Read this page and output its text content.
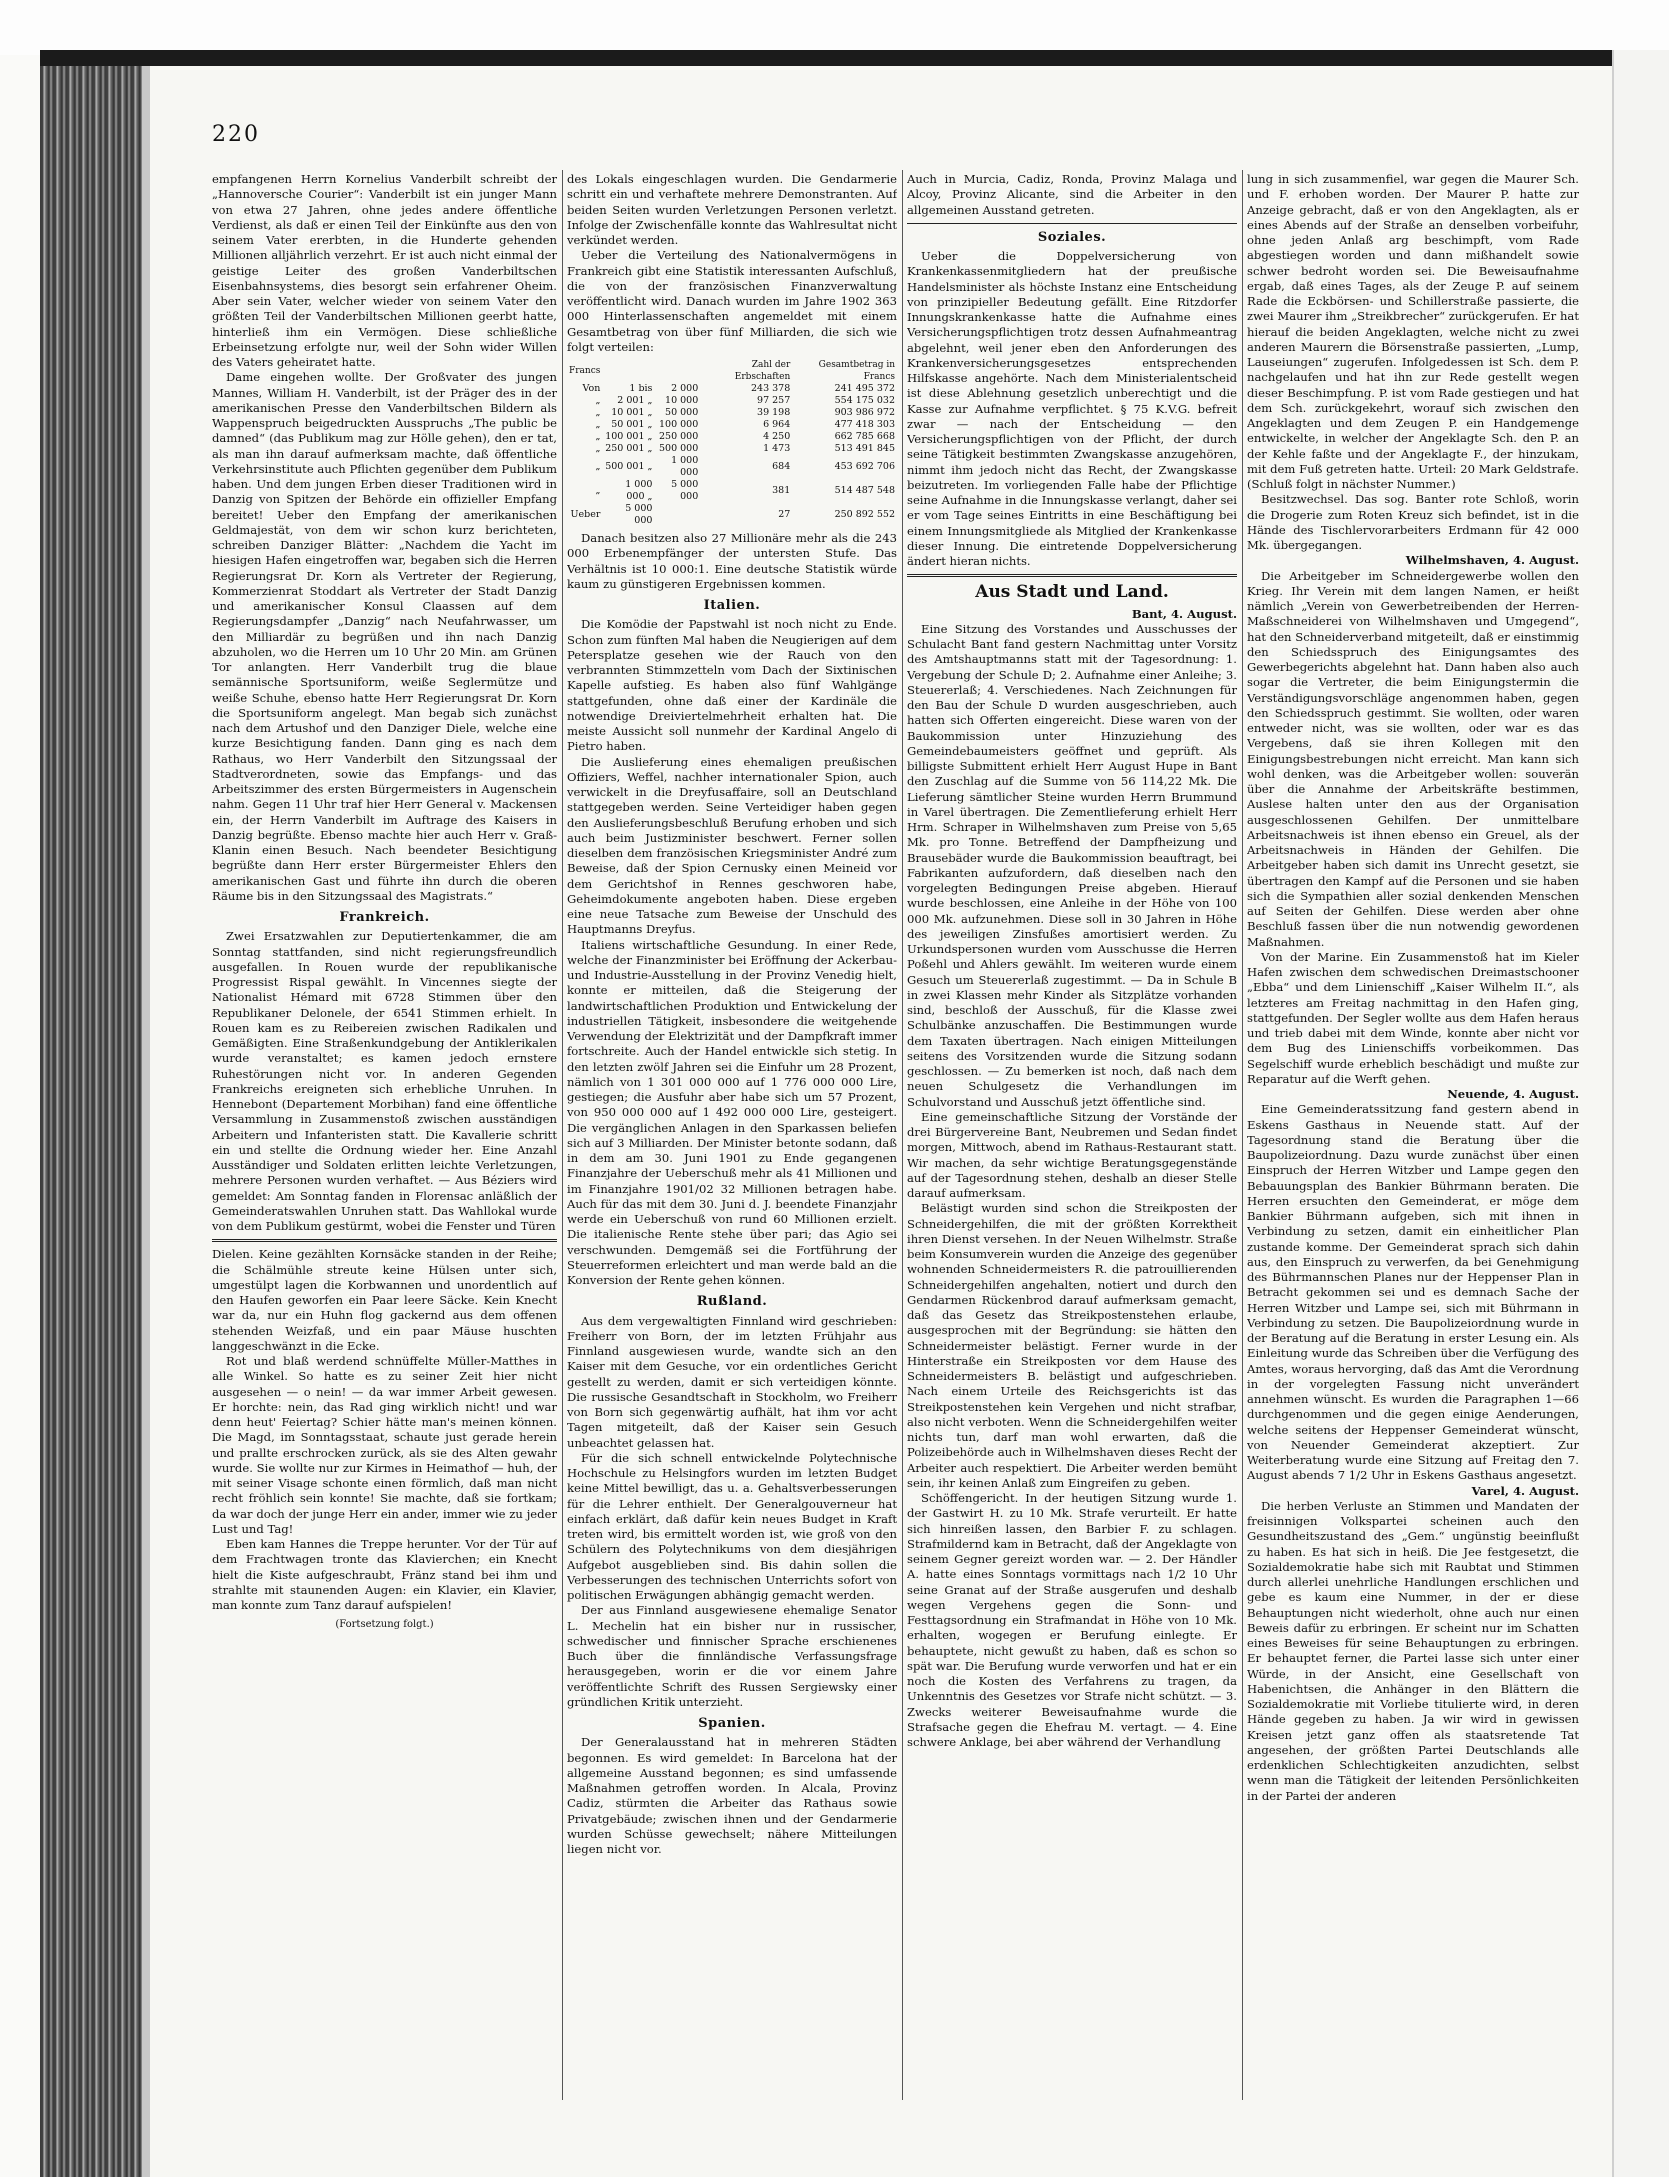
220

empfangenen Herrn Kornelius Vanderbilt schreibt der „Hannoversche Courier“: Vanderbilt ist ein junger Mann von etwa 27 Jahren, ohne jedes andere öffentliche Verdienst, als daß er einen Teil der Einkünfte aus den von seinem Vater ererbten, in die Hunderte gehenden Millionen alljährlich verzehrt. Er ist auch nicht einmal der geistige Leiter des großen Vanderbiltschen Eisenbahnsystems, dies besorgt sein erfahrener Oheim. Aber sein Vater, welcher wieder von seinem Vater den größten Teil der Vanderbiltschen Millionen geerbt hatte, hinterließ ihm ein Vermögen. Diese schließliche Erbeinsetzung erfolgte nur, weil der Sohn wider Willen des Vaters geheiratet hatte.

Dame eingehen wollte. Der Großvater des jungen Mannes, William H. Vanderbilt, ist der Präger des in der amerikanischen Presse den Vanderbiltschen Bildern als Wappenspruch beigedruckten Ausspruchs „The public be damned“ (das Publikum mag zur Hölle gehen), den er tat, als man ihn darauf aufmerksam machte, daß öffentliche Verkehrsinstitute auch Pflichten gegenüber dem Publikum haben. Und dem jungen Erben dieser Traditionen wird in Danzig von Spitzen der Behörde ein offizieller Empfang bereitet! Ueber den Empfang der amerikanischen Geldmajestät, von dem wir schon kurz berichteten, schreiben Danziger Blätter: „Nachdem die Yacht im hiesigen Hafen eingetroffen war, begaben sich die Herren Regierungsrat Dr. Korn als Vertreter der Regierung, Kommerzienrat Stoddart als Vertreter der Stadt Danzig und amerikanischer Konsul Claassen auf dem Regierungsdampfer „Danzig“ nach Neufahrwasser, um den Milliardär zu begrüßen und ihn nach Danzig abzuholen, wo die Herren um 10 Uhr 20 Min. am Grünen Tor anlangten. Herr Vanderbilt trug die blaue semännische Sportsuniform, weiße Seglermütze und weiße Schuhe, ebenso hatte Herr Regierungsrat Dr. Korn die Sportsuniform angelegt. Man begab sich zunächst nach dem Artushof und den Danziger Diele, welche eine kurze Besichtigung fanden. Dann ging es nach dem Rathaus, wo Herr Vanderbilt den Sitzungssaal der Stadtverordneten, sowie das Empfangs- und das Arbeitszimmer des ersten Bürgermeisters in Augenschein nahm. Gegen 11 Uhr traf hier Herr General v. Mackensen ein, der Herrn Vanderbilt im Auftrage des Kaisers in Danzig begrüßte. Ebenso machte hier auch Herr v. Graß-Klanin einen Besuch. Nach beendeter Besichtigung begrüßte dann Herr erster Bürgermeister Ehlers den amerikanischen Gast und führte ihn durch die oberen Räume bis in den Sitzungssaal des Magistrats.“

Frankreich.

Zwei Ersatzwahlen zur Deputiertenkammer, die am Sonntag stattfanden, sind nicht regierungsfreundlich ausgefallen. In Rouen wurde der republikanische Progressist Rispal gewählt. In Vincennes siegte der Nationalist Hémard mit 6728 Stimmen über den Republikaner Delonele, der 6541 Stimmen erhielt. In Rouen kam es zu Reibereien zwischen Radikalen und Gemäßigten. Eine Straßenkundgebung der Antiklerikalen wurde veranstaltet; es kamen jedoch ernstere Ruhestörungen nicht vor. In anderen Gegenden Frankreichs ereigneten sich erhebliche Unruhen. In Hennebont (Departement Morbihan) fand eine öffentliche Versammlung in Zusammenstoß zwischen ausständigen Arbeitern und Infanteristen statt. Die Kavallerie schritt ein und stellte die Ordnung wieder her. Eine Anzahl Ausständiger und Soldaten erlitten leichte Verletzungen, mehrere Personen wurden verhaftet. — Aus Béziers wird gemeldet: Am Sonntag fanden in Florensac anläßlich der Gemeinderatswahlen Unruhen statt. Das Wahllokal wurde von dem Publikum gestürmt, wobei die Fenster und Türen

Dielen. Keine gezählten Kornsäcke standen in der Reihe; die Schälmühle streute keine Hülsen unter sich, umgestülpt lagen die Korbwannen und unordentlich auf den Haufen geworfen ein Paar leere Säcke. Kein Knecht war da, nur ein Huhn flog gackernd aus dem offenen stehenden Weizfaß, und ein paar Mäuse huschten langgeschwänzt in die Ecke.

Rot und blaß werdend schnüffelte Müller-Matthes in alle Winkel. So hatte es zu seiner Zeit hier nicht ausgesehen — o nein! — da war immer Arbeit gewesen. Er horchte: nein, das Rad ging wirklich nicht! und war denn heut' Feiertag? Schier hätte man's meinen können. Die Magd, im Sonntagsstaat, schaute just gerade herein und prallte erschrocken zurück, als sie des Alten gewahr wurde. Sie wollte nur zur Kirmes in Heimathof — huh, der mit seiner Visage schonte einen förmlich, daß man nicht recht fröhlich sein konnte! Sie machte, daß sie fortkam; da war doch der junge Herr ein ander, immer wie zu jeder Lust und Tag!

Eben kam Hannes die Treppe herunter. Vor der Tür auf dem Frachtwagen tronte das Klavierchen; ein Knecht hielt die Kiste aufgeschraubt, Fränz stand bei ihm und strahlte mit staunenden Augen: ein Klavier, ein Klavier, man konnte zum Tanz darauf aufspielen!

(Fortsetzung folgt.)

des Lokals eingeschlagen wurden. Die Gendarmerie schritt ein und verhaftete mehrere Demonstranten. Auf beiden Seiten wurden Verletzungen Personen verletzt. Infolge der Zwischenfälle konnte das Wahlresultat nicht verkündet werden.

Ueber die Verteilung des Nationalvermögens in Frankreich gibt eine Statistik interessanten Aufschluß, die von der französischen Finanzverwaltung veröffentlicht wird. Danach wurden im Jahre 1902 363 000 Hinterlassenschaften angemeldet mit einem Gesamtbetrag von über fünf Milliarden, die sich wie folgt verteilen:

Francs			Zahl der Erbschaften	Gesamtbetrag in Francs
Von	1 bis	2 000	243 378	241 495 372
„	2 001 „	10 000	97 257	554 175 032
„	10 001 „	50 000	39 198	903 986 972
„	50 001 „	100 000	6 964	477 418 303
„	100 001 „	250 000	4 250	662 785 668
„	250 001 „	500 000	1 473	513 491 845
„	500 001 „	1 000 000	684	453 692 706
„	1 000 000 „	5 000 000	381	514 487 548
Ueber	5 000 000		27	250 892 552

Danach besitzen also 27 Millionäre mehr als die 243 000 Erbenempfänger der untersten Stufe. Das Verhältnis ist 10 000:1. Eine deutsche Statistik würde kaum zu günstigeren Ergebnissen kommen.

Italien.

Die Komödie der Papstwahl ist noch nicht zu Ende. Schon zum fünften Mal haben die Neugierigen auf dem Petersplatze gesehen wie der Rauch von den verbrannten Stimmzetteln vom Dach der Sixtinischen Kapelle aufstieg. Es haben also fünf Wahlgänge stattgefunden, ohne daß einer der Kardinäle die notwendige Dreiviertelmehrheit erhalten hat. Die meiste Aussicht soll nunmehr der Kardinal Angelo di Pietro haben.

Die Auslieferung eines ehemaligen preußischen Offiziers, Weffel, nachher internationaler Spion, auch verwickelt in die Dreyfusaffaire, soll an Deutschland stattgegeben werden. Seine Verteidiger haben gegen den Auslieferungsbeschluß Berufung erhoben und sich auch beim Justizminister beschwert. Ferner sollen dieselben dem französischen Kriegsminister André zum Beweise, daß der Spion Cernusky einen Meineid vor dem Gerichtshof in Rennes geschworen habe, Geheimdokumente angeboten haben. Diese ergeben eine neue Tatsache zum Beweise der Unschuld des Hauptmanns Dreyfus.

Italiens wirtschaftliche Gesundung. In einer Rede, welche der Finanzminister bei Eröffnung der Ackerbau- und Industrie-Ausstellung in der Provinz Venedig hielt, konnte er mitteilen, daß die Steigerung der landwirtschaftlichen Produktion und Entwickelung der industriellen Tätigkeit, insbesondere die weitgehende Verwendung der Elektrizität und der Dampfkraft immer fortschreite. Auch der Handel entwickle sich stetig. In den letzten zwölf Jahren sei die Einfuhr um 28 Prozent, nämlich von 1 301 000 000 auf 1 776 000 000 Lire, gestiegen; die Ausfuhr aber habe sich um 57 Prozent, von 950 000 000 auf 1 492 000 000 Lire, gesteigert. Die vergänglichen Anlagen in den Sparkassen beliefen sich auf 3 Milliarden. Der Minister betonte sodann, daß in dem am 30. Juni 1901 zu Ende gegangenen Finanzjahre der Ueberschuß mehr als 41 Millionen und im Finanzjahre 1901/02 32 Millionen betragen habe. Auch für das mit dem 30. Juni d. J. beendete Finanzjahr werde ein Ueberschuß von rund 60 Millionen erzielt. Die italienische Rente stehe über pari; das Agio sei verschwunden. Demgemäß sei die Fortführung der Steuerreformen erleichtert und man werde bald an die Konversion der Rente gehen können.

Rußland.

Aus dem vergewaltigten Finnland wird geschrieben: Freiherr von Born, der im letzten Frühjahr aus Finnland ausgewiesen wurde, wandte sich an den Kaiser mit dem Gesuche, vor ein ordentliches Gericht gestellt zu werden, damit er sich verteidigen könnte. Die russische Gesandtschaft in Stockholm, wo Freiherr von Born sich gegenwärtig aufhält, hat ihm vor acht Tagen mitgeteilt, daß der Kaiser sein Gesuch unbeachtet gelassen hat.

Für die sich schnell entwickelnde Polytechnische Hochschule zu Helsingfors wurden im letzten Budget keine Mittel bewilligt, das u. a. Gehaltsverbesserungen für die Lehrer enthielt. Der Generalgouverneur hat einfach erklärt, daß dafür kein neues Budget in Kraft treten wird, bis ermittelt worden ist, wie groß von den Schülern des Polytechnikums von dem diesjährigen Aufgebot ausgeblieben sind. Bis dahin sollen die Verbesserungen des technischen Unterrichts sofort von politischen Erwägungen abhängig gemacht werden.

Der aus Finnland ausgewiesene ehemalige Senator L. Mechelin hat ein bisher nur in russischer, schwedischer und finnischer Sprache erschienenes Buch über die finnländische Verfassungsfrage herausgegeben, worin er die vor einem Jahre veröffentlichte Schrift des Russen Sergiewsky einer gründlichen Kritik unterzieht.

Spanien.

Der Generalausstand hat in mehreren Städten begonnen. Es wird gemeldet: In Barcelona hat der allgemeine Ausstand begonnen; es sind umfassende Maßnahmen getroffen worden. In Alcala, Provinz Cadiz, stürmten die Arbeiter das Rathaus sowie Privatgebäude; zwischen ihnen und der Gendarmerie wurden Schüsse gewechselt; nähere Mitteilungen liegen nicht vor.

Auch in Murcia, Cadiz, Ronda, Provinz Malaga und Alcoy, Provinz Alicante, sind die Arbeiter in den allgemeinen Ausstand getreten.

Soziales.

Ueber die Doppelversicherung von Krankenkassenmitgliedern hat der preußische Handelsminister als höchste Instanz eine Entscheidung von prinzipieller Bedeutung gefällt. Eine Ritzdorfer Innungskrankenkasse hatte die Aufnahme eines Versicherungspflichtigen trotz dessen Aufnahmeantrag abgelehnt, weil jener eben den Anforderungen des Krankenversicherungsgesetzes entsprechenden Hilfskasse angehörte. Nach dem Ministerialentscheid ist diese Ablehnung gesetzlich unberechtigt und die Kasse zur Aufnahme verpflichtet. § 75 K.V.G. befreit zwar — nach der Entscheidung — den Versicherungspflichtigen von der Pflicht, der durch seine Tätigkeit bestimmten Zwangskasse anzugehören, nimmt ihm jedoch nicht das Recht, der Zwangskasse beizutreten. Im vorliegenden Falle habe der Pflichtige seine Aufnahme in die Innungskasse verlangt, daher sei er vom Tage seines Eintritts in eine Beschäftigung bei einem Innungsmitgliede als Mitglied der Krankenkasse dieser Innung. Die eintretende Doppelversicherung ändert hieran nichts.

Aus Stadt und Land.
Bant, 4. August.

Eine Sitzung des Vorstandes und Ausschusses der Schulacht Bant fand gestern Nachmittag unter Vorsitz des Amtshauptmanns statt mit der Tagesordnung: 1. Vergebung der Schule D; 2. Aufnahme einer Anleihe; 3. Steuererlaß; 4. Verschiedenes. Nach Zeichnungen für den Bau der Schule D wurden ausgeschrieben, auch hatten sich Offerten eingereicht. Diese waren von der Baukommission unter Hinzuziehung des Gemeindebaumeisters geöffnet und geprüft. Als billigste Submittent erhielt Herr August Hupe in Bant den Zuschlag auf die Summe von 56 114,22 Mk. Die Lieferung sämtlicher Steine wurden Herrn Brummund in Varel übertragen. Die Zementlieferung erhielt Herr Hrm. Schraper in Wilhelmshaven zum Preise von 5,65 Mk. pro Tonne. Betreffend der Dampfheizung und Brausebäder wurde die Baukommission beauftragt, bei Fabrikanten aufzufordern, daß dieselben nach den vorgelegten Bedingungen Preise abgeben. Hierauf wurde beschlossen, eine Anleihe in der Höhe von 100 000 Mk. aufzunehmen. Diese soll in 30 Jahren in Höhe des jeweiligen Zinsfußes amortisiert werden. Zu Urkundspersonen wurden vom Ausschusse die Herren Poßehl und Ahlers gewählt. Im weiteren wurde einem Gesuch um Steuererlaß zugestimmt. — Da in Schule B in zwei Klassen mehr Kinder als Sitzplätze vorhanden sind, beschloß der Ausschuß, für die Klasse zwei Schulbänke anzuschaffen. Die Bestimmungen wurde dem Taxaten übertragen. Nach einigen Mitteilungen seitens des Vorsitzenden wurde die Sitzung sodann geschlossen. — Zu bemerken ist noch, daß nach dem neuen Schulgesetz die Verhandlungen im Schulvorstand und Ausschuß jetzt öffentliche sind.

Eine gemeinschaftliche Sitzung der Vorstände der drei Bürgervereine Bant, Neubremen und Sedan findet morgen, Mittwoch, abend im Rathaus-Restaurant statt. Wir machen, da sehr wichtige Beratungsgegenstände auf der Tagesordnung stehen, deshalb an dieser Stelle darauf aufmerksam.

Belästigt wurden sind schon die Streikposten der Schneidergehilfen, die mit der größten Korrektheit ihren Dienst versehen. In der Neuen Wilhelmstr. Straße beim Konsumverein wurden die Anzeige des gegenüber wohnenden Schneidermeisters R. die patrouillierenden Schneidergehilfen angehalten, notiert und durch den Gendarmen Rückenbrod darauf aufmerksam gemacht, daß das Gesetz das Streikpostenstehen erlaube, ausgesprochen mit der Begründung: sie hätten den Schneidermeister belästigt. Ferner wurde in der Hinterstraße ein Streikposten vor dem Hause des Schneidermeisters B. belästigt und aufgeschrieben. Nach einem Urteile des Reichsgerichts ist das Streikpostenstehen kein Vergehen und nicht strafbar, also nicht verboten. Wenn die Schneidergehilfen weiter nichts tun, darf man wohl erwarten, daß die Polizeibehörde auch in Wilhelmshaven dieses Recht der Arbeiter auch respektiert. Die Arbeiter werden bemüht sein, ihr keinen Anlaß zum Eingreifen zu geben.

Schöffengericht. In der heutigen Sitzung wurde 1. der Gastwirt H. zu 10 Mk. Strafe verurteilt. Er hatte sich hinreißen lassen, den Barbier F. zu schlagen. Strafmildernd kam in Betracht, daß der Angeklagte von seinem Gegner gereizt worden war. — 2. Der Händler A. hatte eines Sonntags vormittags nach 1/2 10 Uhr seine Granat auf der Straße ausgerufen und deshalb wegen Vergehens gegen die Sonn- und Festtagsordnung ein Strafmandat in Höhe von 10 Mk. erhalten, wogegen er Berufung einlegte. Er behauptete, nicht gewußt zu haben, daß es schon so spät war. Die Berufung wurde verworfen und hat er ein noch die Kosten des Verfahrens zu tragen, da Unkenntnis des Gesetzes vor Strafe nicht schützt. — 3. Zwecks weiterer Beweisaufnahme wurde die Strafsache gegen die Ehefrau M. vertagt. — 4. Eine schwere Anklage, bei aber während der Verhandlung

lung in sich zusammenfiel, war gegen die Maurer Sch. und F. erhoben worden. Der Maurer P. hatte zur Anzeige gebracht, daß er von den Angeklagten, als er eines Abends auf der Straße an denselben vorbeifuhr, ohne jeden Anlaß arg beschimpft, vom Rade abgestiegen worden und dann mißhandelt sowie schwer bedroht worden sei. Die Beweisaufnahme ergab, daß eines Tages, als der Zeuge P. auf seinem Rade die Eckbörsen- und Schillerstraße passierte, die zwei Maurer ihm „Streikbrecher“ zurückgerufen. Er hat hierauf die beiden Angeklagten, welche nicht zu zwei anderen Maurern die Börsenstraße passierten, „Lump, Lauseiungen“ zugerufen. Infolgedessen ist Sch. dem P. nachgelaufen und hat ihn zur Rede gestellt wegen dieser Beschimpfung. P. ist vom Rade gestiegen und hat dem Sch. zurückgekehrt, worauf sich zwischen den Angeklagten und dem Zeugen P. ein Handgemenge entwickelte, in welcher der Angeklagte Sch. den P. an der Kehle faßte und der Angeklagte F., der hinzukam, mit dem Fuß getreten hatte. Urteil: 20 Mark Geldstrafe. (Schluß folgt in nächster Nummer.)

Besitzwechsel. Das sog. Banter rote Schloß, worin die Drogerie zum Roten Kreuz sich befindet, ist in die Hände des Tischlervorarbeiters Erdmann für 42 000 Mk. übergegangen.

Wilhelmshaven, 4. August.

Die Arbeitgeber im Schneidergewerbe wollen den Krieg. Ihr Verein mit dem langen Namen, er heißt nämlich „Verein von Gewerbetreibenden der Herren-Maßschneiderei von Wilhelmshaven und Umgegend“, hat den Schneiderverband mitgeteilt, daß er einstimmig den Schiedsspruch des Einigungsamtes des Gewerbegerichts abgelehnt hat. Dann haben also auch sogar die Vertreter, die beim Einigungstermin die Verständigungsvorschläge angenommen haben, gegen den Schiedsspruch gestimmt. Sie wollten, oder waren entweder nicht, was sie wollten, oder war es das Vergebens, daß sie ihren Kollegen mit den Einigungsbestrebungen nicht erreicht. Man kann sich wohl denken, was die Arbeitgeber wollen: souverän über die Annahme der Arbeitskräfte bestimmen, Auslese halten unter den aus der Organisation ausgeschlossenen Gehilfen. Der unmittelbare Arbeitsnachweis ist ihnen ebenso ein Greuel, als der Arbeitsnachweis in Händen der Gehilfen. Die Arbeitgeber haben sich damit ins Unrecht gesetzt, sie übertragen den Kampf auf die Personen und sie haben sich die Sympathien aller sozial denkenden Menschen auf Seiten der Gehilfen. Diese werden aber ohne Beschluß fassen über die nun notwendig gewordenen Maßnahmen.

Von der Marine. Ein Zusammenstoß hat im Kieler Hafen zwischen dem schwedischen Dreimastschooner „Ebba“ und dem Linienschiff „Kaiser Wilhelm II.“, als letzteres am Freitag nachmittag in den Hafen ging, stattgefunden. Der Segler wollte aus dem Hafen heraus und trieb dabei mit dem Winde, konnte aber nicht vor dem Bug des Linienschiffs vorbeikommen. Das Segelschiff wurde erheblich beschädigt und mußte zur Reparatur auf die Werft gehen.

Neuende, 4. August.

Eine Gemeinderatssitzung fand gestern abend in Eskens Gasthaus in Neuende statt. Auf der Tagesordnung stand die Beratung über die Baupolizeiordnung. Dazu wurde zunächst über einen Einspruch der Herren Witzber und Lampe gegen den Bebauungsplan des Bankier Bührmann beraten. Die Herren ersuchten den Gemeinderat, er möge dem Bankier Bührmann aufgeben, sich mit ihnen in Verbindung zu setzen, damit ein einheitlicher Plan zustande komme. Der Gemeinderat sprach sich dahin aus, den Einspruch zu verwerfen, da bei Genehmigung des Bührmannschen Planes nur der Heppenser Plan in Betracht gekommen sei und es demnach Sache der Herren Witzber und Lampe sei, sich mit Bührmann in Verbindung zu setzen. Die Baupolizeiordnung wurde in der Beratung auf die Beratung in erster Lesung ein. Als Einleitung wurde das Schreiben über die Verfügung des Amtes, woraus hervorging, daß das Amt die Verordnung in der vorgelegten Fassung nicht unverändert annehmen wünscht. Es wurden die Paragraphen 1—66 durchgenommen und die gegen einige Aenderungen, welche seitens der Heppenser Gemeinderat wünscht, von Neuender Gemeinderat akzeptiert. Zur Weiterberatung wurde eine Sitzung auf Freitag den 7. August abends 7 1/2 Uhr in Eskens Gasthaus angesetzt.

Varel, 4. August.

Die herben Verluste an Stimmen und Mandaten der freisinnigen Volkspartei scheinen auch den Gesundheitszustand des „Gem.“ ungünstig beeinflußt zu haben. Es hat sich in heiß. Die Jee festgesetzt, die Sozialdemokratie habe sich mit Raubtat und Stimmen durch allerlei unehrliche Handlungen erschlichen und gebe es kaum eine Nummer, in der er diese Behauptungen nicht wiederholt, ohne auch nur einen Beweis dafür zu erbringen. Er scheint nur im Schatten eines Beweises für seine Behauptungen zu erbringen. Er behauptet ferner, die Partei lasse sich unter einer Würde, in der Ansicht, eine Gesellschaft von Habenichtsen, die Anhänger in den Blättern die Sozialdemokratie mit Vorliebe titulierte wird, in deren Hände gegeben zu haben. Ja wir wird in gewissen Kreisen jetzt ganz offen als staatsretende Tat angesehen, der größten Partei Deutschlands alle erdenklichen Schlechtigkeiten anzudichten, selbst wenn man die Tätigkeit der leitenden Persönlichkeiten in der Partei der anderen
